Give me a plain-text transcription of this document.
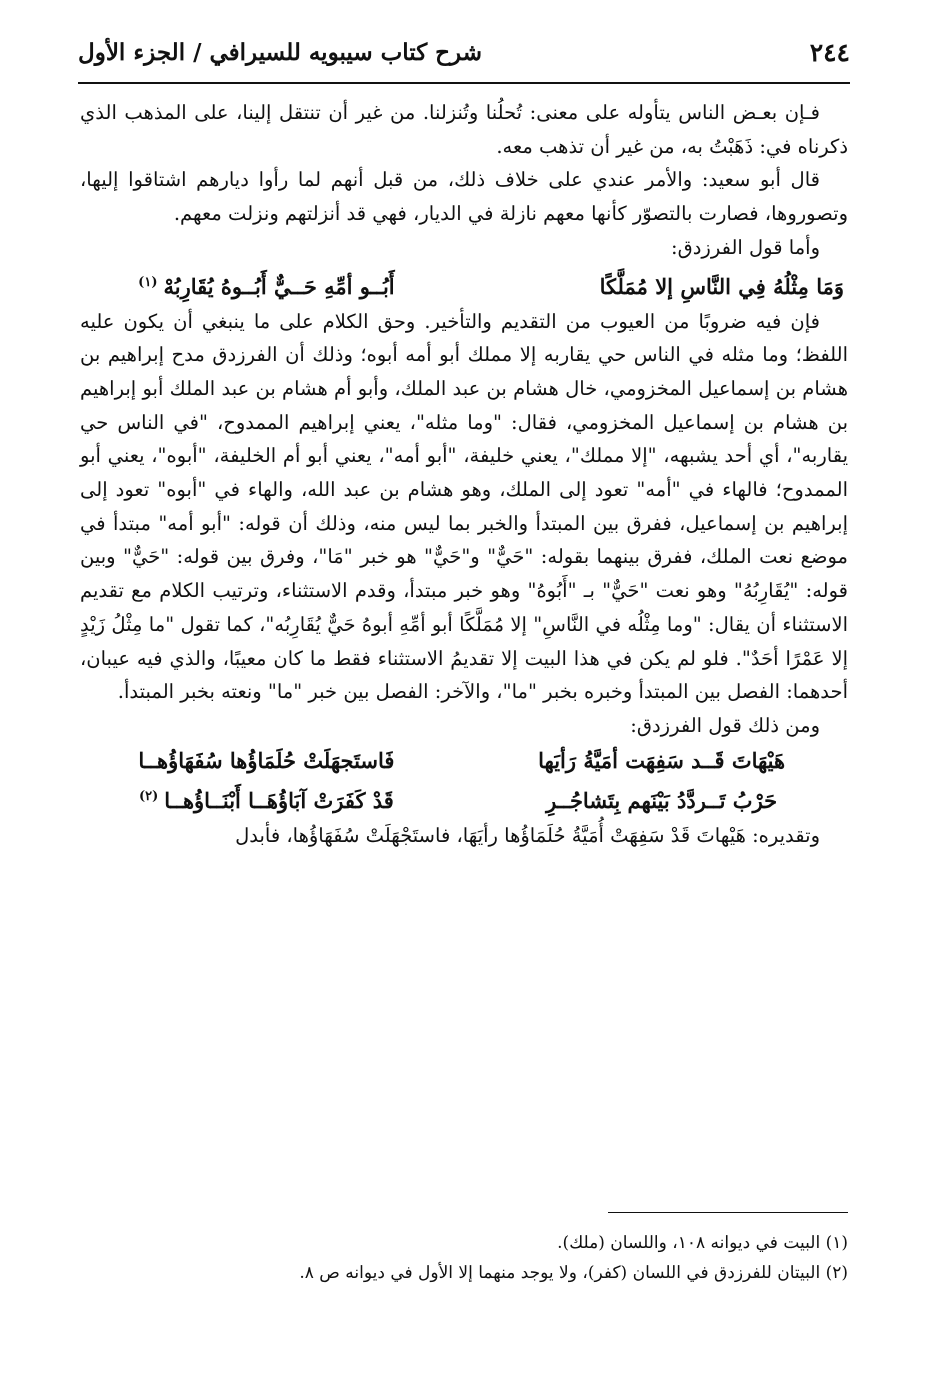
٢٤٤
شرح كتاب سيبويه للسيرافي / الجزء الأول

فـإن بعـض الناس يتأوله على معنى: تُحلُنا وتُنزلنا. من غير أن تنتقل إلينا، على المذهب الذي ذكرناه في: ذَهَبْتُ به، من غير أن تذهب معه.

قال أبو سعيد: والأمر عندي على خلاف ذلك، من قبل أنهم لما رأوا ديارهم اشتاقوا إليها، وتصوروها، فصارت بالتصوّر كأنها معهم نازلة في الديار، فهي قد أنزلتهم ونزلت معهم.

وأما قول الفرزدق:

وَمَا مِثْلُهُ فِي النَّاسِ إلا مُمَلَّكًا
أَبُــو أمِّهِ حَــيٌّ أَبُــوهُ يُقَارِبُهْ$^{(١)}$

فإن فيه ضروبًا من العيوب من التقديم والتأخير. وحق الكلام على ما ينبغي أن يكون عليه اللفظ؛ وما مثله في الناس حي يقاربه إلا مملك أبو أمه أبوه؛ وذلك أن الفرزدق مدح إبراهيم بن هشام بن إسماعيل المخزومي، خال هشام بن عبد الملك، وأبو أم هشام بن عبد الملك أبو إبراهيم بن هشام بن إسماعيل المخزومي، فقال: "وما مثله"، يعني إبراهيم الممدوح، "في الناس حي يقاربه"، أي أحد يشبهه، "إلا مملك"، يعني خليفة، "أبو أمه"، يعني أبو أم الخليفة، "أبوه"، يعني أبو الممدوح؛ فالهاء في "أمه" تعود إلى الملك، وهو هشام بن عبد الله، والهاء في "أبوه" تعود إلى إبراهيم بن إسماعيل، ففرق بين المبتدأ والخبر بما ليس منه، وذلك أن قوله: "أبو أمه" مبتدأ في موضع نعت الملك، ففرق بينهما بقوله: "حَيٌّ" و"حَيٌّ" هو خبر "مَا"، وفرق بين قوله: "حَيٌّ" وبين قوله: "يُقَارِبُهُ" وهو نعت "حَيٌّ" بـ "أَبُوهُ" وهو خبر مبتدأ، وقدم الاستثناء، وترتيب الكلام مع تقديم الاستثناء أن يقال: "وما مِثْلُه في النَّاسِ" إلا مُمَلَّكًا أبو أمِّهِ أبوهُ حَيٌّ يُقَارِبُه"، كما تقول "ما مِثْلُ زَيْدٍ إلا عَمْرًا أحَدٌ". فلو لم يكن في هذا البيت إلا تقديمُ الاستثناء فقط ما كان معيبًا، والذي فيه عيبان، أحدهما: الفصل بين المبتدأ وخبره بخبر "ما"، والآخر: الفصل بين خبر "ما" ونعته بخبر المبتدأ.

ومن ذلك قول الفرزدق:

هَيْهَاتَ قَــد سَفِهَت أمَيَّةُ رَأيَها
فَاستَجهَلَتْ حُلَمَاؤُها سُفَهَاؤُهــا
حَرْبُ تَــردَّدُ بَيْنَهم بِتَشاجُــرِ
قَدْ كَفَرَتْ آبَاؤُهَــا أَبْنَــاؤُهــا$^{(٢)}$

وتقديره: هَيْهاتَ قَدْ سَفِهَتْ أُمَيَّةُ حُلَمَاؤُها رأيَهَا، فاستَجْهَلَتْ سُفَهَاؤُها، فأبدل

(١) البيت في ديوانه ١٠٨، واللسان (ملك).

(٢) البيتان للفرزدق في اللسان (كفر)، ولا يوجد منهما إلا الأول في ديوانه ص ٨.
